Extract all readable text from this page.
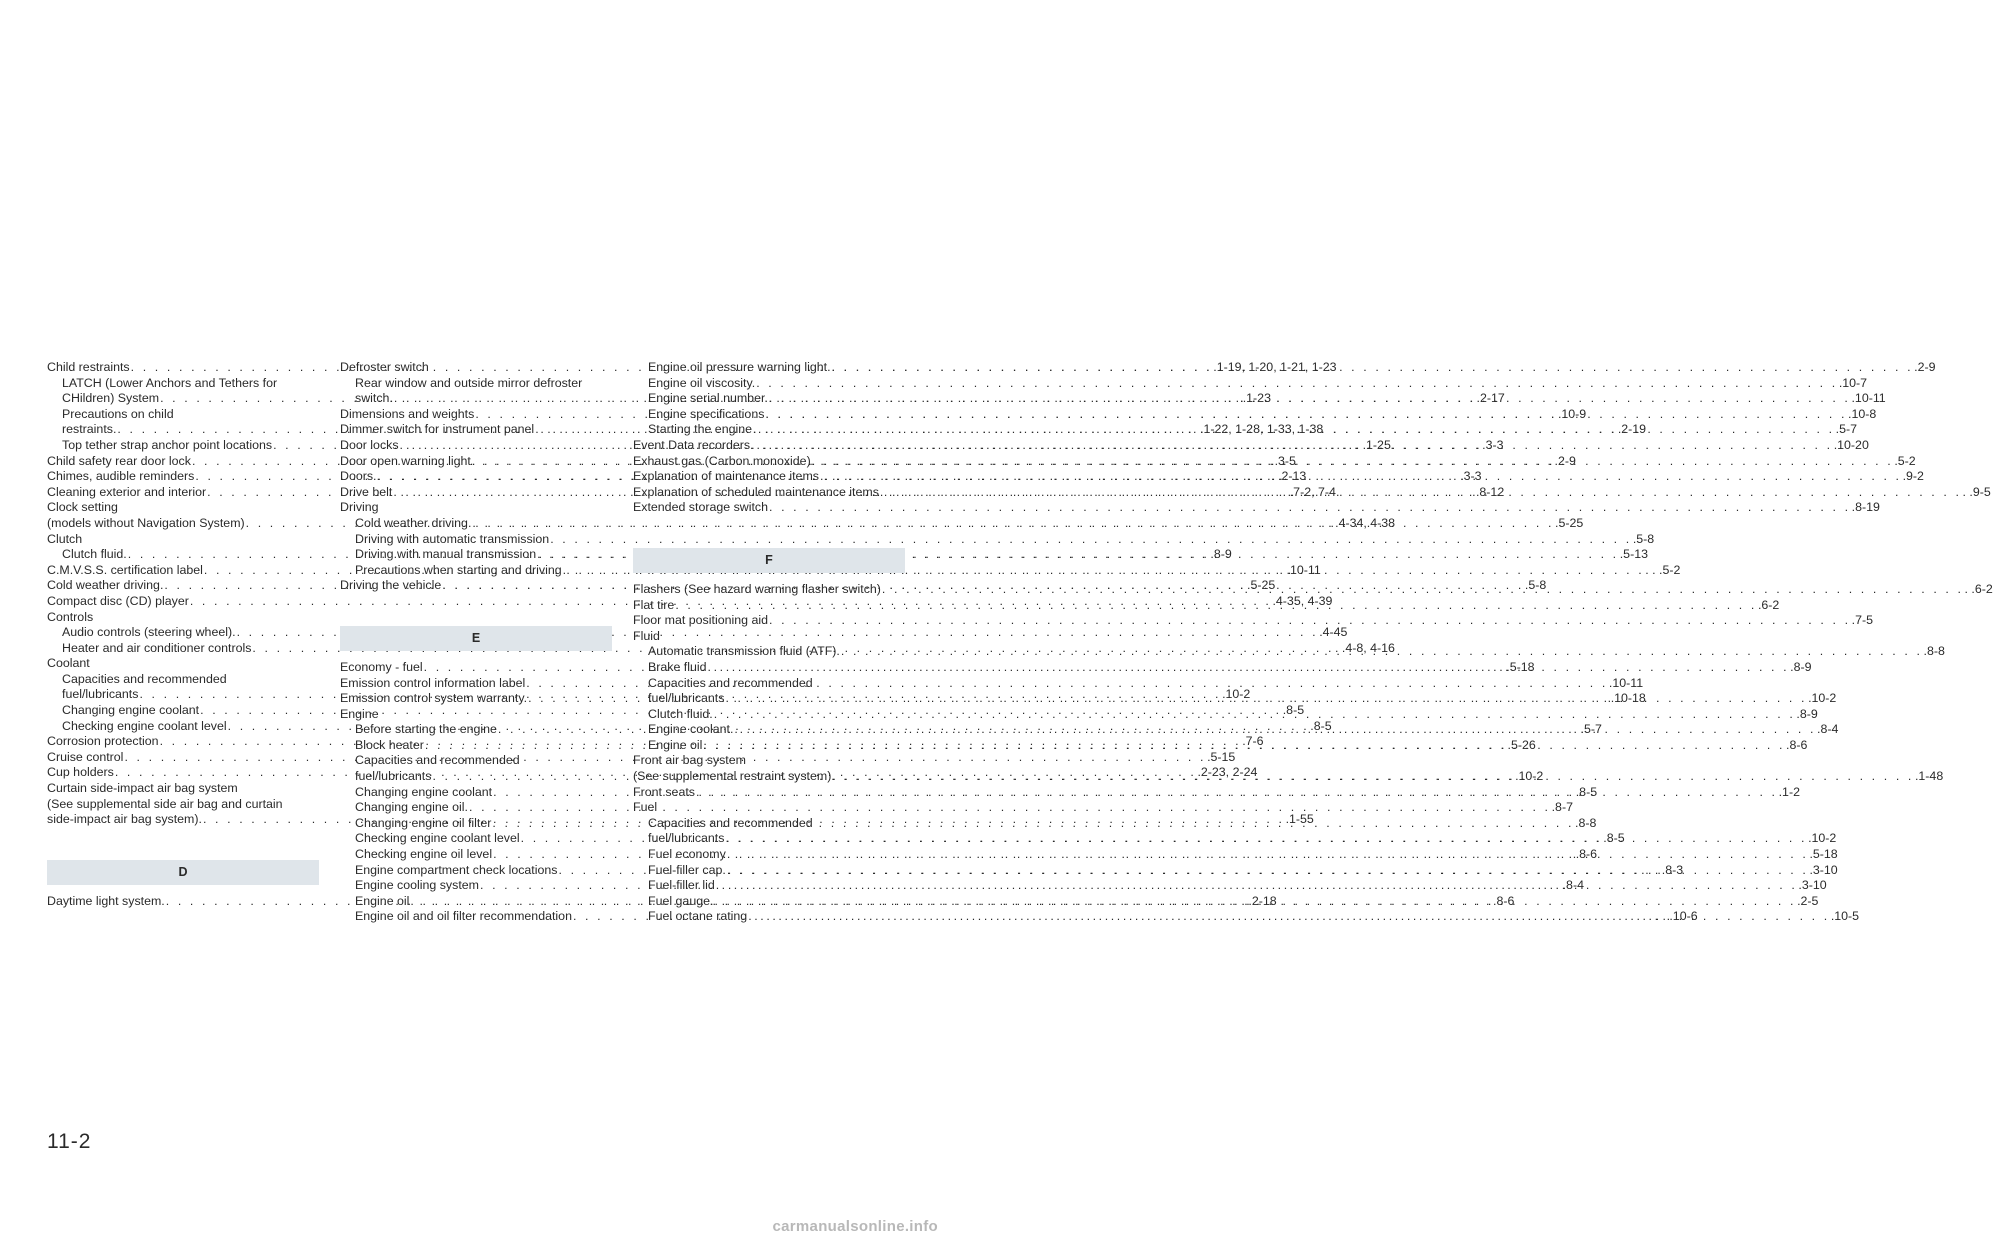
Child restraints . . .	.1-19, 1-20, 1-21, 1-23
LATCH (Lower Anchors and Tethers for
CHildren) System . . .	.1-23
Precautions on child
restraints. . . .	.1-22, 1-28, 1-33, 1-38
Top tether strap anchor point locations . . .	. .1-25
Child safety rear door lock . . .	.3-5
Chimes, audible reminders . . .	.2-13
Cleaning exterior and interior . . .	.7-2, 7-4
Clock setting
(models without Navigation System) . . .	. .4-34, 4-38
Clutch
Clutch fluid. . . .	.8-9
C.M.V.S.S. certification label . . .	.10-11
Cold weather driving. . . .	.5-25
Compact disc (CD) player . . .	.4-35, 4-39
Controls
Audio controls (steering wheel). . . .	.4-45
Heater and air conditioner controls . . .	. .4-8, 4-16
Coolant
Capacities and recommended
fuel/lubricants . . .	.10-2
Changing engine coolant . . .	.8-5
Checking engine coolant level . . .	.8-5
Corrosion protection . . .	.7-6
Cruise control . . .	.5-15
Cup holders . . .	.2-23, 2-24
Curtain side-impact air bag system
(See supplemental side air bag and curtain
side-impact air bag system). . . .	.1-55
D
Daytime light system. . . .	.2-18
Defroster switch
Rear window and outside mirror defroster
switch. . . .	.2-17
Dimensions and weights . . .	.10-9
Dimmer switch for instrument panel . . .	.2-19
Door locks . . .	.3-3
Door open warning light . . .	.2-9
Doors. . . .	.3-3
Drive belt . . .	.8-12
Driving
Cold weather driving. . . .	.5-25
Driving with automatic transmission . . .	.5-8
Driving with manual transmission . . .	.5-13
Precautions when starting and driving . . .	. . .5-2
Driving the vehicle . . .	.5-8
E
Economy - fuel . . .	.5-18
Emission control information label . . .	.10-11
Emission control system warranty. . . .	.10-18
Engine
Before starting the engine . . .	.5-7
Block heater . . .	.5-26
Capacities and recommended
fuel/lubricants . . .	.10-2
Changing engine coolant . . .	.8-5
Changing engine oil. . . .	.8-7
Changing engine oil filter . . .	.8-8
Checking engine coolant level . . .	.8-5
Checking engine oil level . . .	.8-6
Engine compartment check locations . . .	. . . .8-3
Engine cooling system . . .	.8-4
Engine oil . . .	.8-6
Engine oil and oil filter recommendation . . .	. . .10-6
Engine oil pressure warning light. . . .	.2-9
Engine oil viscosity. . . .	.10-7
Engine serial number. . . .	.10-11
Engine specifications . . .	.10-8
Starting the engine . . .	.5-7
Event Data recorders . . .	.10-20
Exhaust gas (Carbon monoxide) . . .	.5-2
Explanation of maintenance items . . .	.9-2
Explanation of scheduled maintenance items . . .	. .9-5
Extended storage switch . . .	.8-19
F
Flashers (See hazard warning flasher switch) . . .	. .6-2
Flat tire . . .	.6-2
Floor mat positioning aid . . .	.7-5
Fluid
Automatic transmission fluid (ATF). . . .	.8-8
Brake fluid . . .	.8-9
Capacities and recommended
fuel/lubricants . . .	.10-2
Clutch fluid. . . .	.8-9
Engine coolant. . . .	.8-4
Engine oil . . .	.8-6
Front air bag system
(See supplemental restraint system) . . .	.1-48
Front seats . . .	.1-2
Fuel
Capacities and recommended
fuel/lubricants . . .	.10-2
Fuel economy . . .	.5-18
Fuel-filler cap. . . .	.3-10
Fuel-filler lid . . .	.3-10
Fuel gauge. . . .	.2-5
Fuel octane rating . . .	.10-5
11-2
carmanualsonline.info
